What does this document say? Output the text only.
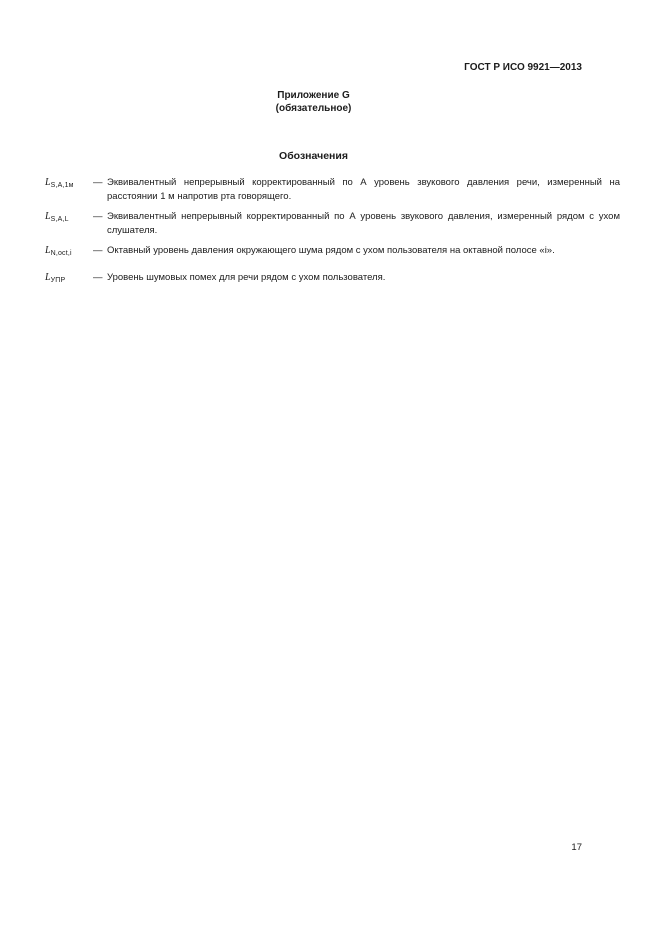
ГОСТ Р ИСО 9921—2013
Приложение G
(обязательное)
Обозначения
$L_{S,A,1м}$	— Эквивалентный непрерывный корректированный по А уровень звукового давления речи, измеренный на расстоянии 1 м напротив рта говорящего.
$L_{S,A,L}$	— Эквивалентный непрерывный корректированный по А уровень звукового давления, измеренный рядом с ухом слушателя.
$L_{N,oct,i}$	— Октавный уровень давления окружающего шума рядом с ухом пользователя на октавной полосе «i».
$L_{УПР}$	— Уровень шумовых помех для речи рядом с ухом пользователя.
17
